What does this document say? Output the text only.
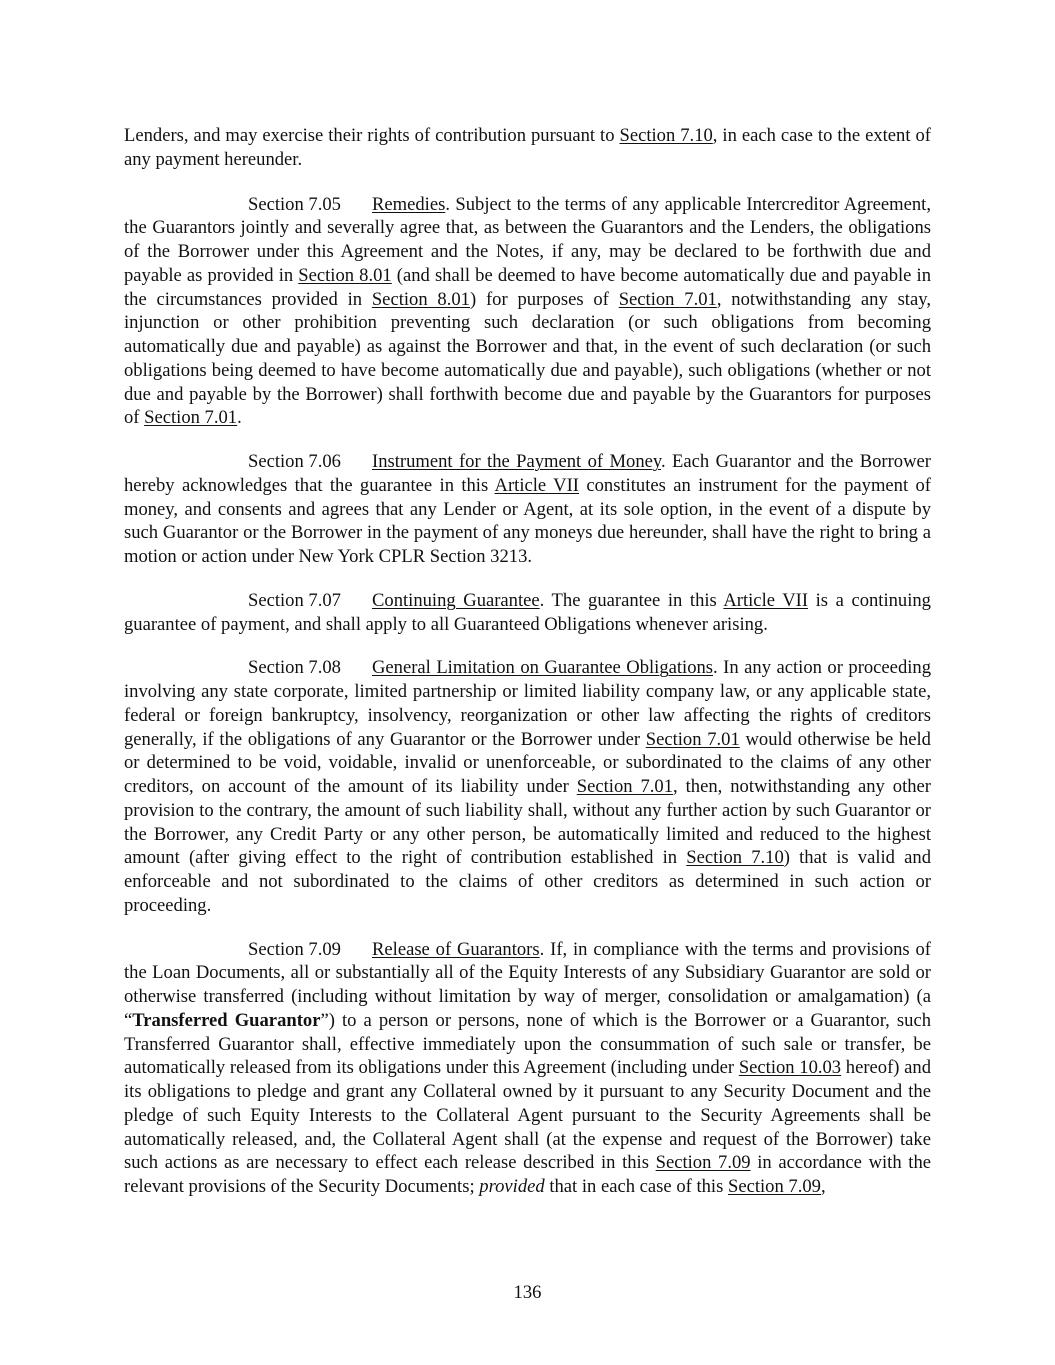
Lenders, and may exercise their rights of contribution pursuant to Section 7.10, in each case to the extent of any payment hereunder.

Section 7.05 Remedies. Subject to the terms of any applicable Intercreditor Agreement, the Guarantors jointly and severally agree that, as between the Guarantors and the Lenders, the obligations of the Borrower under this Agreement and the Notes, if any, may be declared to be forthwith due and payable as provided in Section 8.01 (and shall be deemed to have become automatically due and payable in the circumstances provided in Section 8.01) for purposes of Section 7.01, notwithstanding any stay, injunction or other prohibition preventing such declaration (or such obligations from becoming automatically due and payable) as against the Borrower and that, in the event of such declaration (or such obligations being deemed to have become automatically due and payable), such obligations (whether or not due and payable by the Borrower) shall forthwith become due and payable by the Guarantors for purposes of Section 7.01.

Section 7.06 Instrument for the Payment of Money. Each Guarantor and the Borrower hereby acknowledges that the guarantee in this Article VII constitutes an instrument for the payment of money, and consents and agrees that any Lender or Agent, at its sole option, in the event of a dispute by such Guarantor or the Borrower in the payment of any moneys due hereunder, shall have the right to bring a motion or action under New York CPLR Section 3213.

Section 7.07 Continuing Guarantee. The guarantee in this Article VII is a continuing guarantee of payment, and shall apply to all Guaranteed Obligations whenever arising.

Section 7.08 General Limitation on Guarantee Obligations. In any action or proceeding involving any state corporate, limited partnership or limited liability company law, or any applicable state, federal or foreign bankruptcy, insolvency, reorganization or other law affecting the rights of creditors generally, if the obligations of any Guarantor or the Borrower under Section 7.01 would otherwise be held or determined to be void, voidable, invalid or unenforceable, or subordinated to the claims of any other creditors, on account of the amount of its liability under Section 7.01, then, notwithstanding any other provision to the contrary, the amount of such liability shall, without any further action by such Guarantor or the Borrower, any Credit Party or any other person, be automatically limited and reduced to the highest amount (after giving effect to the right of contribution established in Section 7.10) that is valid and enforceable and not subordinated to the claims of other creditors as determined in such action or proceeding.

Section 7.09 Release of Guarantors. If, in compliance with the terms and provisions of the Loan Documents, all or substantially all of the Equity Interests of any Subsidiary Guarantor are sold or otherwise transferred (including without limitation by way of merger, consolidation or amalgamation) (a “Transferred Guarantor”) to a person or persons, none of which is the Borrower or a Guarantor, such Transferred Guarantor shall, effective immediately upon the consummation of such sale or transfer, be automatically released from its obligations under this Agreement (including under Section 10.03 hereof) and its obligations to pledge and grant any Collateral owned by it pursuant to any Security Document and the pledge of such Equity Interests to the Collateral Agent pursuant to the Security Agreements shall be automatically released, and, the Collateral Agent shall (at the expense and request of the Borrower) take such actions as are necessary to effect each release described in this Section 7.09 in accordance with the relevant provisions of the Security Documents; provided that in each case of this Section 7.09,

136
